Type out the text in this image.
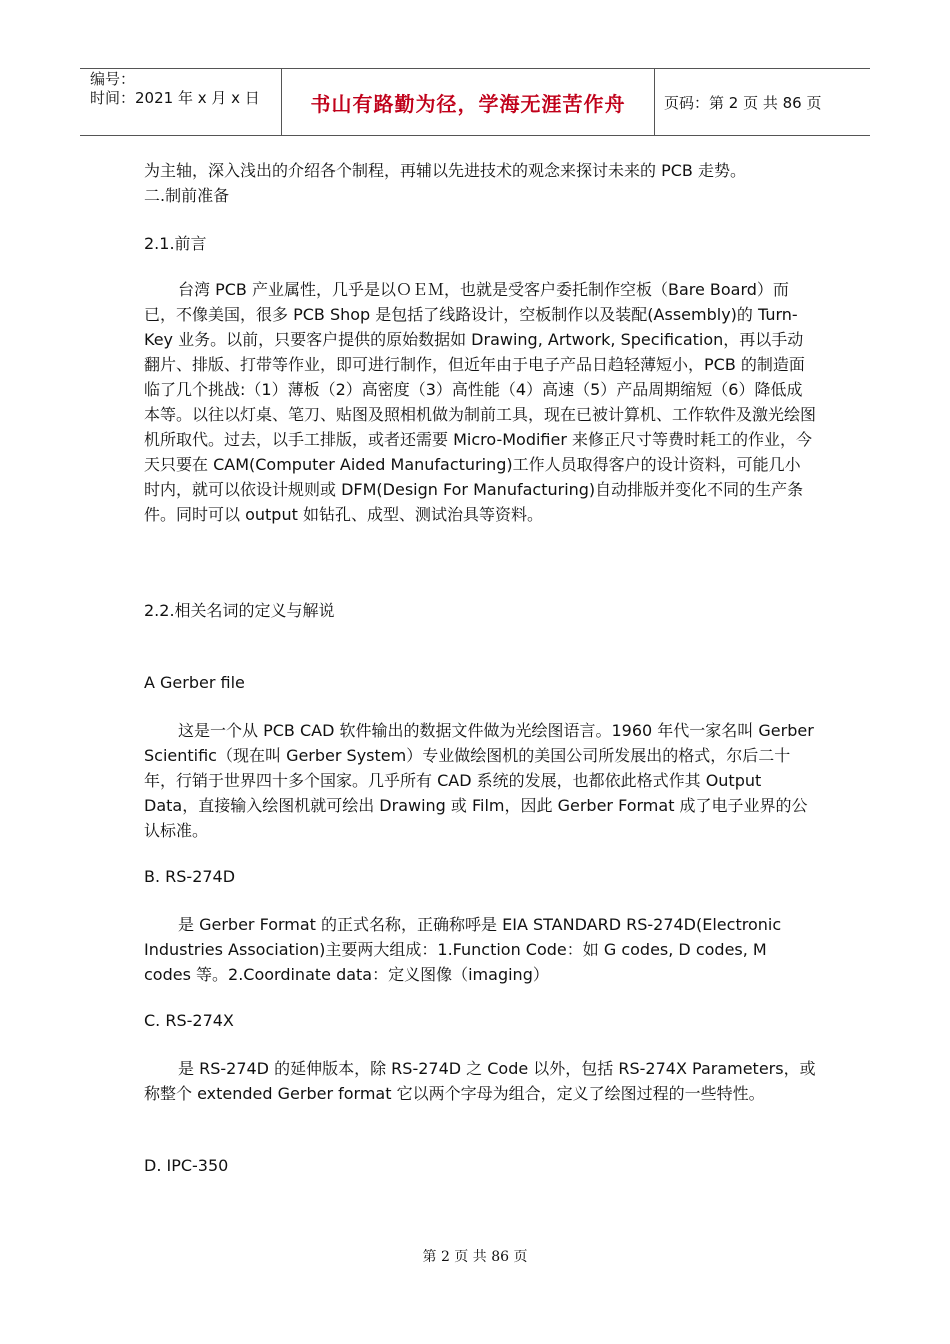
编号：
时间：2021 年 x 月 x 日	书山有路勤为径，学海无涯苦作舟	页码：第 2 页 共 86 页

为主轴，深入浅出的介绍各个制程，再辅以先进技术的观念来探讨未来的 PCB 走势。

二.制前准备

2.1.前言

台湾 PCB 产业属性，几乎是以ＯＥＭ，也就是受客户委托制作空板（Bare Board）而已，不像美国，很多 PCB Shop 是包括了线路设计，空板制作以及装配(Assembly)的 Turn-Key 业务。以前，只要客户提供的原始数据如 Drawing, Artwork, Specification，再以手动翻片、排版、打带等作业，即可进行制作，但近年由于电子产品日趋轻薄短小，PCB 的制造面临了几个挑战:（1）薄板（2）高密度（3）高性能（4）高速（5）产品周期缩短（6）降低成本等。以往以灯桌、笔刀、贴图及照相机做为制前工具，现在已被计算机、工作软件及激光绘图机所取代。过去，以手工排版，或者还需要 Micro-Modifier 来修正尺寸等费时耗工的作业，今天只要在 CAM(Computer Aided Manufacturing)工作人员取得客户的设计资料，可能几小时内，就可以依设计规则或 DFM(Design For Manufacturing)自动排版并变化不同的生产条件。同时可以 output 如钻孔、成型、测试治具等资料。

2.2.相关名词的定义与解说

A Gerber file

这是一个从 PCB CAD 软件输出的数据文件做为光绘图语言。1960 年代一家名叫 Gerber Scientific（现在叫 Gerber System）专业做绘图机的美国公司所发展出的格式，尔后二十年，行销于世界四十多个国家。几乎所有 CAD 系统的发展，也都依此格式作其 Output Data，直接输入绘图机就可绘出 Drawing 或 Film，因此 Gerber Format 成了电子业界的公认标准。

B. RS-274D

是 Gerber Format 的正式名称，正确称呼是 EIA STANDARD RS-274D(Electronic Industries Association)主要两大组成：1.Function Code：如 G codes, D codes, M codes 等。2.Coordinate data：定义图像（imaging）

C. RS-274X

是 RS-274D 的延伸版本，除 RS-274D 之 Code 以外，包括 RS-274X Parameters，或称整个 extended Gerber format 它以两个字母为组合，定义了绘图过程的一些特性。

D. IPC-350

第 2 页 共 86 页
